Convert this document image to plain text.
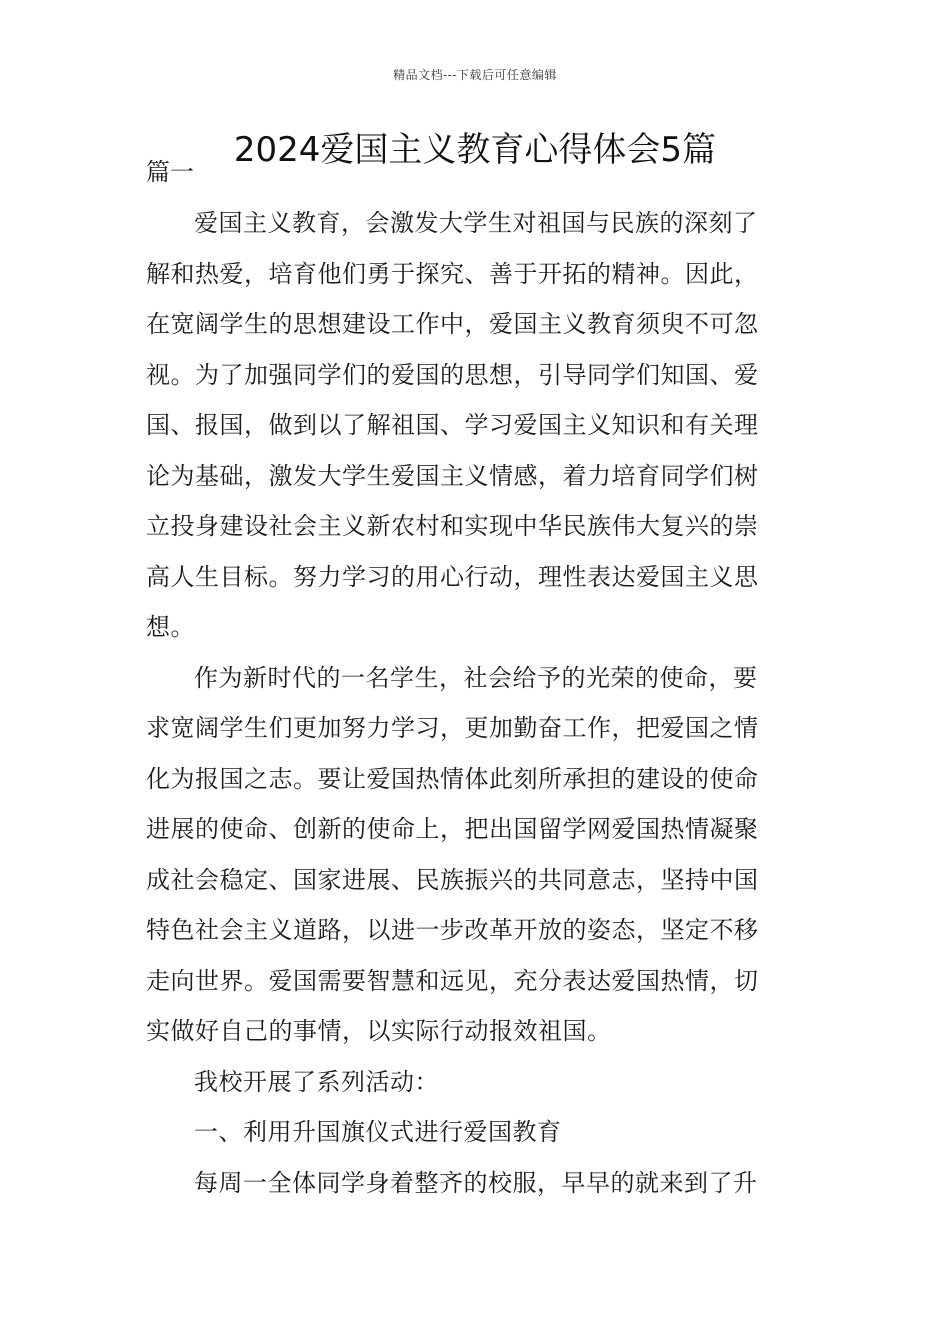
精品文档---下载后可任意编辑
2024爱国主义教育心得体会5篇
篇一

爱国主义教育，会激发大学生对祖国与民族的深刻了
解和热爱，培育他们勇于探究、善于开拓的精神。因此，
在宽阔学生的思想建设工作中，爱国主义教育须臾不可忽
视。为了加强同学们的爱国的思想，引导同学们知国、爱
国、报国，做到以了解祖国、学习爱国主义知识和有关理
论为基础，激发大学生爱国主义情感，着力培育同学们树
立投身建设社会主义新农村和实现中华民族伟大复兴的崇
高人生目标。努力学习的用心行动，理性表达爱国主义思
想。

作为新时代的一名学生，社会给予的光荣的使命，要
求宽阔学生们更加努力学习，更加勤奋工作，把爱国之情
化为报国之志。要让爱国热情体此刻所承担的建设的使命
进展的使命、创新的使命上，把出国留学网爱国热情凝聚
成社会稳定、国家进展、民族振兴的共同意志，坚持中国
特色社会主义道路，以进一步改革开放的姿态，坚定不移
走向世界。爱国需要智慧和远见，充分表达爱国热情，切
实做好自己的事情，以实际行动报效祖国。

我校开展了系列活动：

一、利用升国旗仪式进行爱国教育

每周一全体同学身着整齐的校服，早早的就来到了升
